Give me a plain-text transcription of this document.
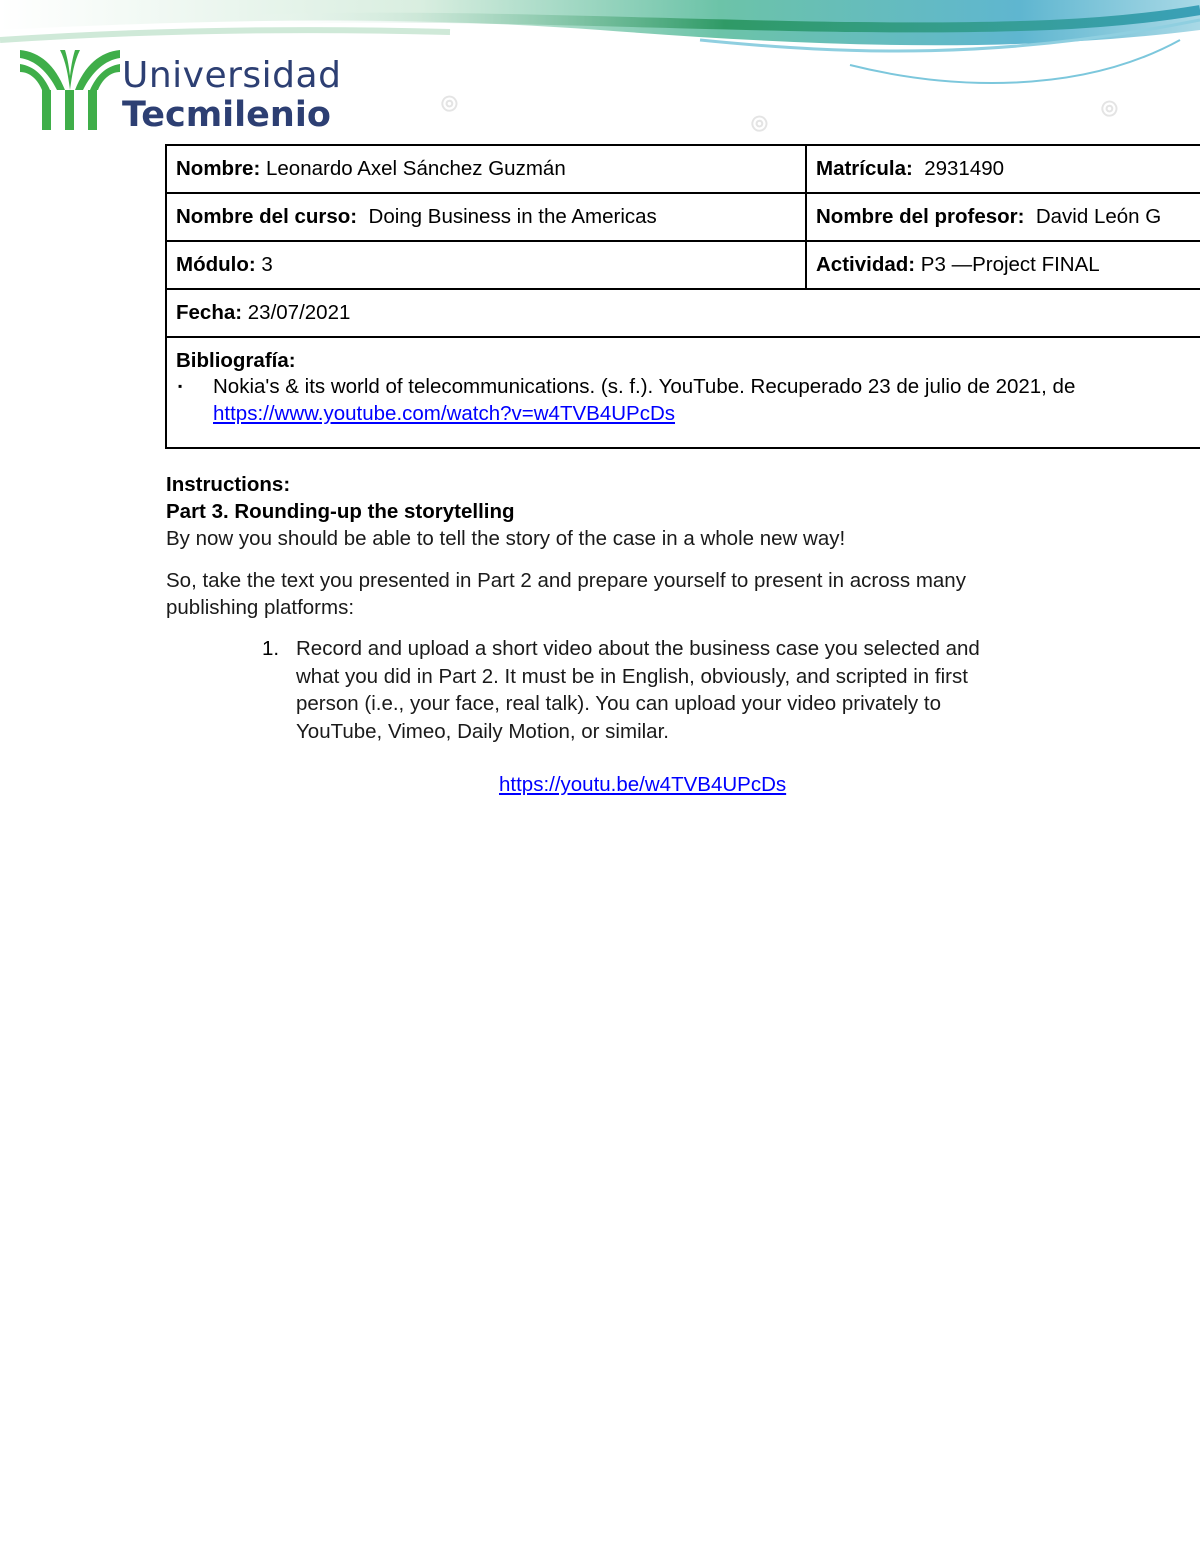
◎
◎
◎
Universidad
Tecmilenio
Nombre: Leonardo Axel Sánchez Guzmán	Matrícula:  2931490
Nombre del curso:  Doing Business in the Americas	Nombre del profesor:  David León G
Módulo: 3	Actividad: P3 —Project FINAL
Fecha: 23/07/2021	

Bibliografía:
▪ Nokia's & its world of telecommunications. (s. f.). YouTube. Recuperado 23 de julio de 2021, de
https://www.youtube.com/watch?v=w4TVB4UPcDs	

Instructions:

Part 3. Rounding-up the storytelling

By now you should be able to tell the story of the case in a whole new way!

So, take the text you presented in Part 2 and prepare yourself to present in across many publishing platforms:

1. Record and upload a short video about the business case you selected and what you did in Part 2. It must be in English, obviously, and scripted in first person (i.e., your face, real talk). You can upload your video privately to YouTube, Vimeo, Daily Motion, or similar.
https://youtu.be/w4TVB4UPcDs
